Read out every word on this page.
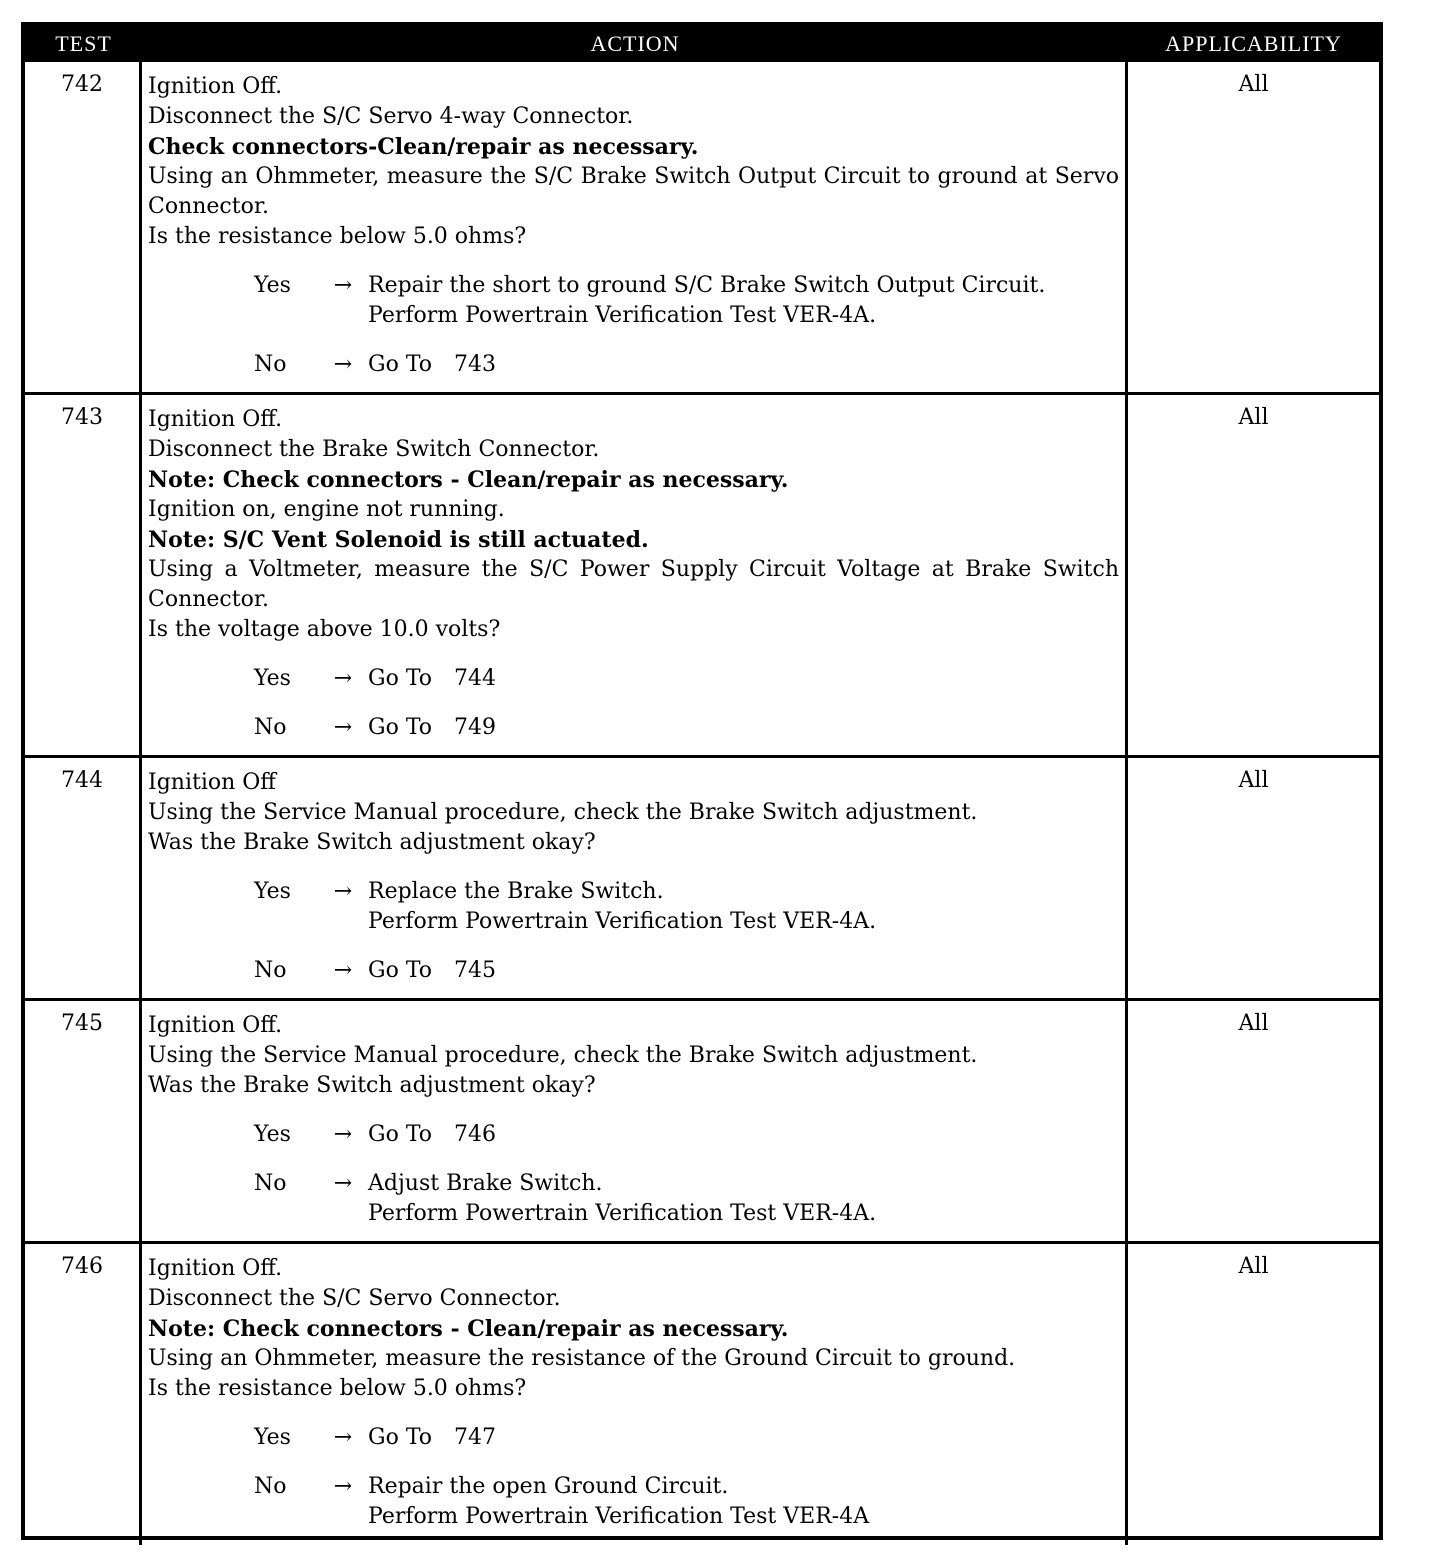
TEST	ACTION	APPLICABILITY
742	Ignition Off.
Disconnect the S/C Servo 4-way Connector.
Check connectors-Clean/repair as necessary.
Using an Ohmmeter, measure the S/C Brake Switch Output Circuit to ground at Servo Connector.
Is the resistance below 5.0 ohms?
Yes	→ Repair the short to ground S/C Brake Switch Output Circuit.
Perform Powertrain Verification Test VER-4A.
No	→ Go To 743
All
743	Ignition Off.
Disconnect the Brake Switch Connector.
Note: Check connectors - Clean/repair as necessary.
Ignition on, engine not running.
Note: S/C Vent Solenoid is still actuated.
Using a Voltmeter, measure the S/C Power Supply Circuit Voltage at Brake Switch Connector.
Is the voltage above 10.0 volts?
Yes	→ Go To 744
No	→ Go To 749
All
744	Ignition Off
Using the Service Manual procedure, check the Brake Switch adjustment.
Was the Brake Switch adjustment okay?
Yes	→ Replace the Brake Switch.
Perform Powertrain Verification Test VER-4A.
No	→ Go To 745
All
745	Ignition Off.
Using the Service Manual procedure, check the Brake Switch adjustment.
Was the Brake Switch adjustment okay?
Yes	→ Go To 746
No	→ Adjust Brake Switch.
Perform Powertrain Verification Test VER-4A.
All
746	Ignition Off.
Disconnect the S/C Servo Connector.
Note: Check connectors - Clean/repair as necessary.
Using an Ohmmeter, measure the resistance of the Ground Circuit to ground.
Is the resistance below 5.0 ohms?
Yes	→ Go To 747
No	→ Repair the open Ground Circuit.
Perform Powertrain Verification Test VER-4A
All
